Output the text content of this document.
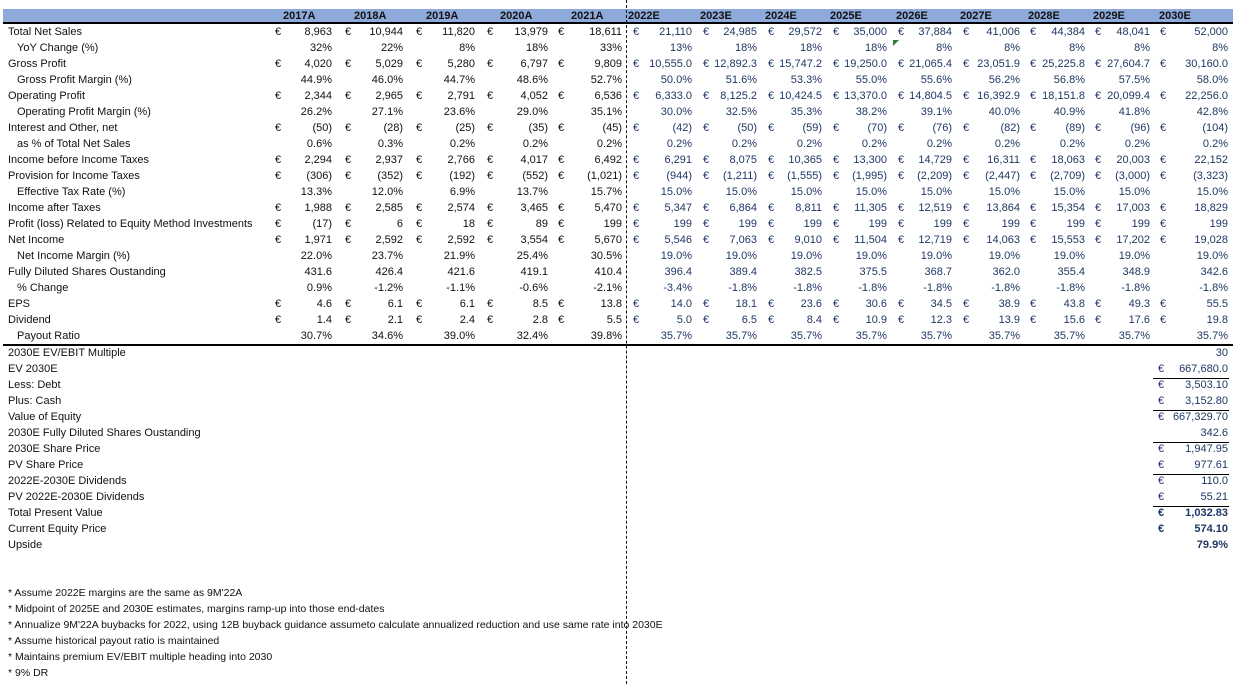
2017A	2018A	2019A	2020A	2021A 2022E	2023E	2024E	2025E	2026E	2027E	2028E	2029E	2030E
Total Net Sales	€ 8,963 € 10,944 € 11,820 € 13,979 € 18,611 € 21,110 € 24,985 € 29,572 € 35,000 € 37,884 € 41,006 € 44,384 € 48,041 €	52,000
YoY Change (%)	32%	22%	8%	18%	33%	13%	18%	18%	18%	8%	8%	8%	8%	8%
Gross Profit	€ 4,020 € 5,029 € 5,280 € 6,797 €	9,809 € 10,555.0 € 12,892.3 € 15,747.2 € 19,250.0 € 21,065.4 € 23,051.9 € 25,225.8 € 27,604.7 € 30,160.0
Gross Profit Margin (%)	44.9%	46.0%	44.7%	48.6%	52.7%	50.0%	51.6%	53.3%	55.0%	55.6%	56.2%	56.8%	57.5%	58.0%
Operating Profit	€ 2,344 € 2,965 € 2,791 € 4,052 €	6,536 € 6,333.0 € 8,125.2 € 10,424.5 € 13,370.0 € 14,804.5 € 16,392.9 € 18,151.8 € 20,099.4 € 22,256.0
Operating Profit Margin (%)	26.2%	27.1%	23.6%	29.0%	35.1%	30.0%	32.5%	35.3%	38.2%	39.1%	40.0%	40.9%	41.8%	42.8%
Interest and Other, net	€	(50) €	(28) €	(25) €	(35) €	(45) €	(42) €	(50) €	(59) €	(70) €	(76) €	(82) €	(89) €	(96) €	(104)
as % of Total Net Sales	0.6%	0.3%	0.2%	0.2%	0.2%	0.2%	0.2%	0.2%	0.2%	0.2%	0.2%	0.2%	0.2%	0.2%
Income before Income Taxes	€ 2,294 € 2,937 € 2,766 € 4,017 €	6,492 € 6,291 € 8,075 € 10,365 € 13,300 € 14,729 € 16,311 € 18,063 € 20,003 €	22,152
Provision for Income Taxes	€ (306) € (352) € (192) €	(552) € (1,021) € (944) € (1,211) € (1,555) € (1,995) € (2,209) € (2,447) € (2,709) € (3,000) € (3,323)
Effective Tax Rate (%)	13.3%	12.0%	6.9%	13.7%	15.7%	15.0%	15.0%	15.0%	15.0%	15.0%	15.0%	15.0%	15.0%	15.0%
Income after Taxes	€ 1,988 € 2,585 € 2,574 € 3,465 €	5,470 € 5,347 € 6,864 € 8,811 € 11,305 € 12,519 € 13,864 € 15,354 € 17,003 €	18,829
Profit (loss) Related to Equity Method Investments €	(17) €	6 €	18 €	89 €	199 €	199 €	199 €	199 €	199 €	199 €	199 €	199 €	199 €	199
Net Income	€ 1,971 € 2,592 € 2,592 € 3,554 €	5,670 € 5,546 € 7,063 € 9,010 € 11,504 € 12,719 € 14,063 € 15,553 € 17,202 €	19,028
Net Income Margin (%)	22.0%	23.7%	21.9%	25.4%	30.5%	19.0%	19.0%	19.0%	19.0%	19.0%	19.0%	19.0%	19.0%	19.0%
Fully Diluted Shares Oustanding	431.6	426.4	421.6	419.1	410.4	396.4	389.4	382.5	375.5	368.7	362.0	355.4	348.9	342.6
% Change	0.9%	-1.2%	-1.1%	-0.6%	-2.1%	-3.4%	-1.8%	-1.8%	-1.8%	-1.8%	-1.8%	-1.8%	-1.8%	-1.8%
EPS	€	4.6 €	6.1 €	6.1 €	8.5 €	13.8 €	14.0 € 18.1 € 23.6 € 30.6 € 34.5 €	38.9 € 43.8 € 49.3 €	55.5
Dividend	€	1.4 €	2.1 €	2.4 €	2.8 €	5.5 €	5.0 €	6.5 €	8.4 € 10.9 € 12.3 €	13.9 € 15.6 € 17.6 €	19.8
Payout Ratio	30.7%	34.6%	39.0%	32.4%	39.8%	35.7%	35.7%	35.7%	35.7%	35.7%	35.7%	35.7%	35.7%	35.7%
2030E EV/EBIT Multiple	30
EV 2030E	€ 667,680.0
Less: Debt	€ 3,503.10
Plus: Cash	€ 3,152.80
Value of Equity	€ 667,329.70
2030E Fully Diluted Shares Oustanding	342.6
2030E Share Price	€ 1,947.95
PV Share Price	€	977.61
2022E-2030E Dividends	€	110.0
PV 2022E-2030E Dividends	€	55.21
Total Present Value	€ 1,032.83
Current Equity Price	€	574.10
Upside	79.9%
* Assume 2022E margins are the same as 9M'22A
* Midpoint of 2025E and 2030E estimates, margins ramp-up into those end-dates
* Annualize 9M'22A buybacks for 2022, using 12B buyback guidance assumeto calculate annualized reduction and use same rate into 2030E
* Assume historical payout ratio is maintained
* Maintains premium EV/EBIT multiple heading into 2030
* 9% DR
